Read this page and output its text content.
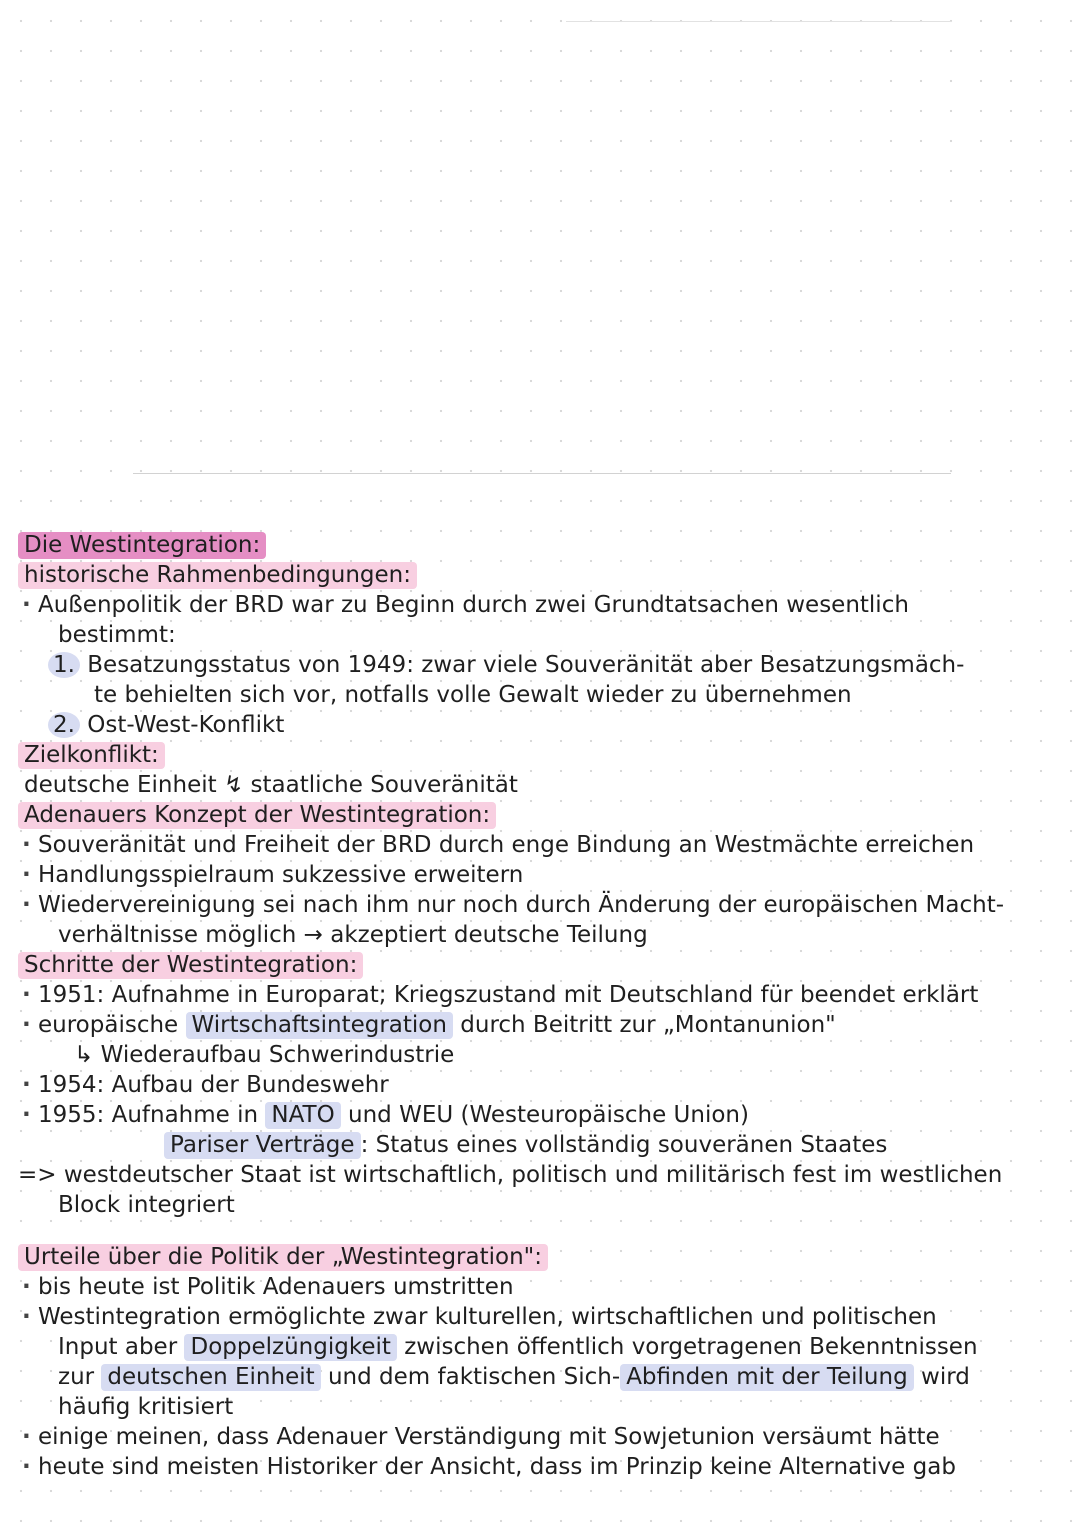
Die Westintegration:
historische Rahmenbedingungen:
· Außenpolitik der BRD war zu Beginn durch zwei Grundtatsachen wesentlich
bestimmt:
1. Besatzungsstatus von 1949: zwar viele Souveränität aber Besatzungsmäch-
te behielten sich vor, notfalls volle Gewalt wieder zu übernehmen
2. Ost-West-Konflikt
Zielkonflikt:
deutsche Einheit ↯ staatliche Souveränität
Adenauers Konzept der Westintegration:
· Souveränität und Freiheit der BRD durch enge Bindung an Westmächte erreichen
· Handlungsspielraum sukzessive erweitern
· Wiedervereinigung sei nach ihm nur noch durch Änderung der europäischen Macht-
verhältnisse möglich → akzeptiert deutsche Teilung
Schritte der Westintegration:
· 1951: Aufnahme in Europarat; Kriegszustand mit Deutschland für beendet erklärt
· europäische Wirtschaftsintegration durch Beitritt zur „Montanunion"
↳ Wiederaufbau Schwerindustrie
· 1954: Aufbau der Bundeswehr
· 1955: Aufnahme in NATO und WEU (Westeuropäische Union)
Pariser Verträge : Status eines vollständig souveränen Staates
=> westdeutscher Staat ist wirtschaftlich, politisch und militärisch fest im westlichen
Block integriert
Urteile über die Politik der „Westintegration":
· bis heute ist Politik Adenauers umstritten
· Westintegration ermöglichte zwar kulturellen, wirtschaftlichen und politischen
Input aber Doppelzüngigkeit zwischen öffentlich vorgetragenen Bekenntnissen
zur deutschen Einheit und dem faktischen Sich- Abfinden mit der Teilung wird
häufig kritisiert
· einige meinen, dass Adenauer Verständigung mit Sowjetunion versäumt hätte
· heute sind meisten Historiker der Ansicht, dass im Prinzip keine Alternative gab
